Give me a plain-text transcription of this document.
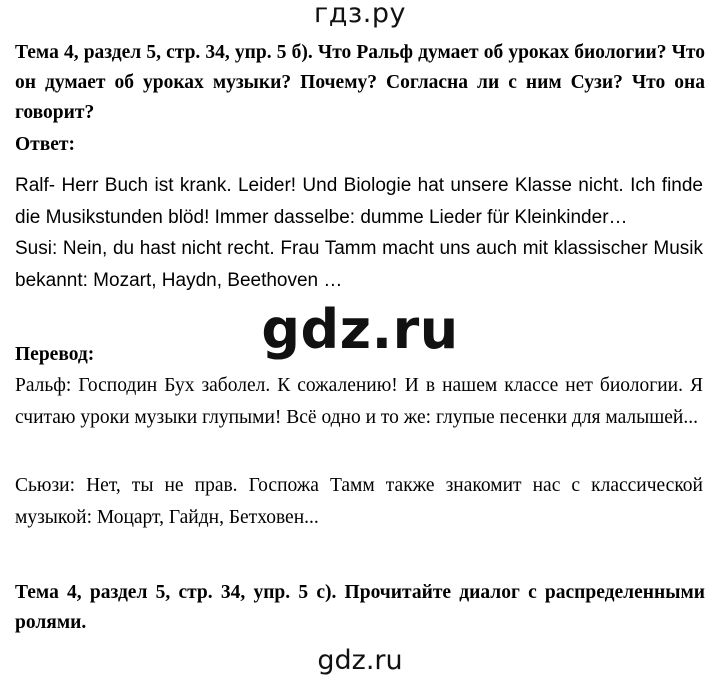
гдз.ру
Тема 4, раздел 5, стр. 34, упр. 5 б). Что Ральф думает об уроках биологии? Что он думает об уроках музыки? Почему? Согласна ли с ним Сузи? Что она говорит?
Ответ:
Ralf- Herr Buch ist krank. Leider! Und Biologie hat unsere Klasse nicht. Ich finde die Musikstunden blöd! Immer dasselbe: dumme Lieder für Kleinkinder…
Susi: Nein, du hast nicht recht. Frau Tamm macht uns auch mit klassischer Musik bekannt: Mozart, Haydn, Beethoven …
gdz.ru
Перевод:
Ральф: Господин Бух заболел. К сожалению! И в нашем классе нет биологии. Я считаю уроки музыки глупыми! Всё одно и то же: глупые песенки для малышей...
Сьюзи: Нет, ты не прав. Госпожа Тамм также знакомит нас с классической музыкой: Моцарт, Гайдн, Бетховен...
Тема 4, раздел 5, стр. 34, упр. 5 с). Прочитайте диалог с распределенными ролями.
gdz.ru
